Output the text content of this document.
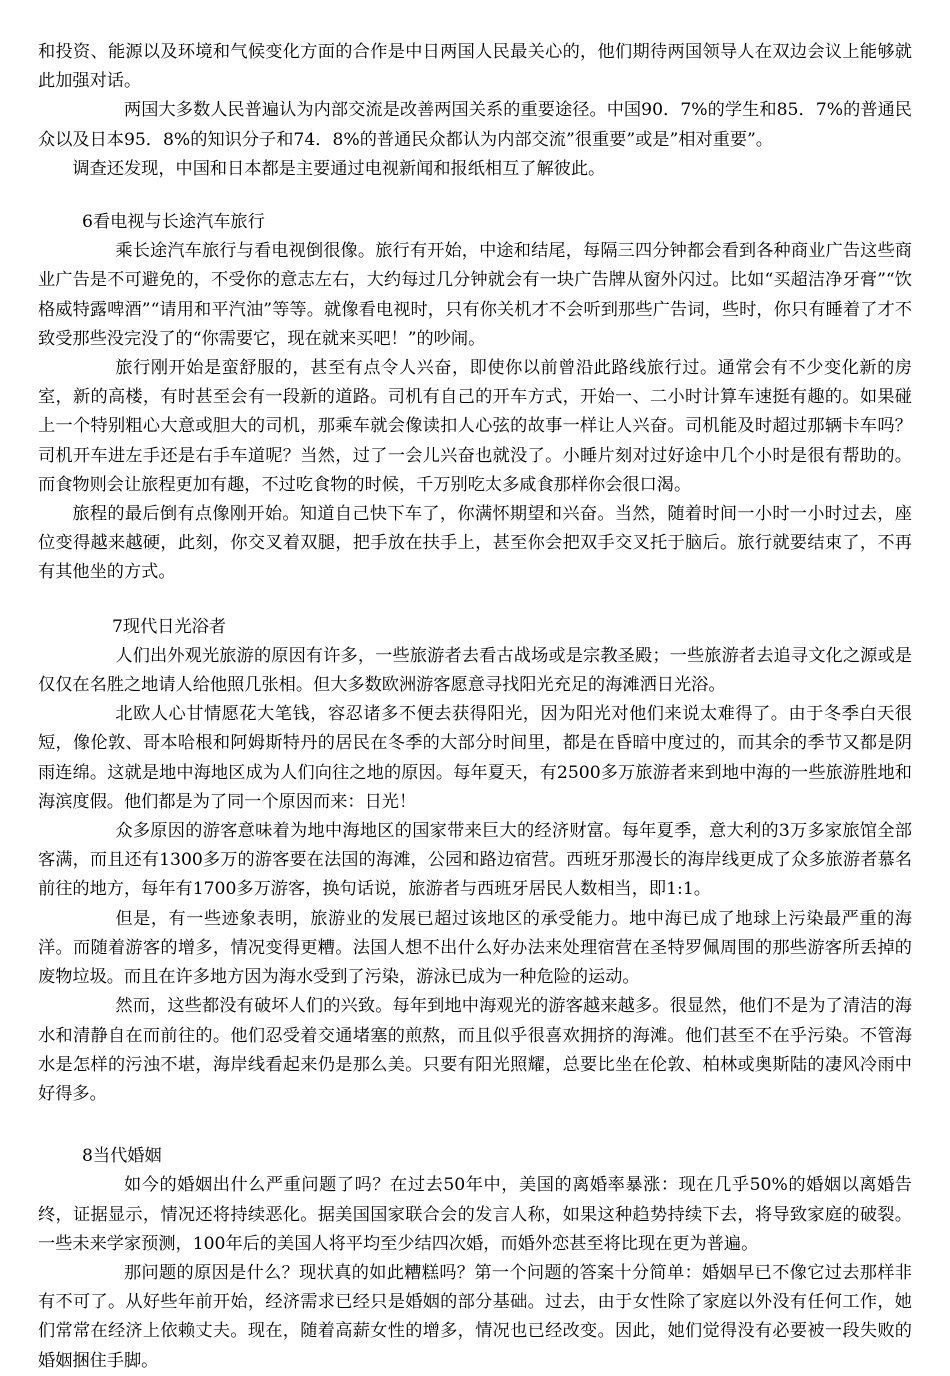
和投资、能源以及环境和气候变化方面的合作是中日两国人民最关心的，他们期待两国领导人在双边会议上能够就此加强对话。

两国大多数人民普遍认为内部交流是改善两国关系的重要途径。中国90．7%的学生和85．7%的普通民众以及日本95．8%的知识分子和74．8%的普通民众都认为内部交流”很重要”或是”相对重要”。

调查还发现，中国和日本都是主要通过电视新闻和报纸相互了解彼此。

6看电视与长途汽车旅行

乘长途汽车旅行与看电视倒很像。旅行有开始，中途和结尾，每隔三四分钟都会看到各种商业广告这些商业广告是不可避免的，不受你的意志左右，大约每过几分钟就会有一块广告牌从窗外闪过。比如“买超洁净牙膏”“饮格威特露啤酒”“请用和平汽油”等等。就像看电视时，只有你关机才不会听到那些广告词，些时，你只有睡着了才不致受那些没完没了的“你需要它，现在就来买吧！”的吵闹。

旅行刚开始是蛮舒服的，甚至有点令人兴奋，即使你以前曾沿此路线旅行过。通常会有不少变化新的房室，新的高楼，有时甚至会有一段新的道路。司机有自己的开车方式，开始一、二小时计算车速挺有趣的。如果碰上一个特别粗心大意或胆大的司机，那乘车就会像读扣人心弦的故事一样让人兴奋。司机能及时超过那辆卡车吗？司机开车进左手还是右手车道呢？当然，过了一会儿兴奋也就没了。小睡片刻对过好途中几个小时是很有帮助的。而食物则会让旅程更加有趣，不过吃食物的时候，千万别吃太多咸食那样你会很口渴。

旅程的最后倒有点像刚开始。知道自己快下车了，你满怀期望和兴奋。当然，随着时间一小时一小时过去，座位变得越来越硬，此刻，你交叉着双腿，把手放在扶手上，甚至你会把双手交叉托于脑后。旅行就要结束了，不再有其他坐的方式。

7现代日光浴者

人们出外观光旅游的原因有许多，一些旅游者去看古战场或是宗教圣殿；一些旅游者去追寻文化之源或是仅仅在名胜之地请人给他照几张相。但大多数欧洲游客愿意寻找阳光充足的海滩洒日光浴。

北欧人心甘情愿花大笔钱，容忍诸多不便去获得阳光，因为阳光对他们来说太难得了。由于冬季白天很短，像伦敦、哥本哈根和阿姆斯特丹的居民在冬季的大部分时间里，都是在昏暗中度过的，而其余的季节又都是阴雨连绵。这就是地中海地区成为人们向往之地的原因。每年夏天，有2500多万旅游者来到地中海的一些旅游胜地和海滨度假。他们都是为了同一个原因而来：日光！

众多原因的游客意味着为地中海地区的国家带来巨大的经济财富。每年夏季，意大利的3万多家旅馆全部客满，而且还有1300多万的游客要在法国的海滩，公园和路边宿营。西班牙那漫长的海岸线更成了众多旅游者慕名前往的地方，每年有1700多万游客，换句话说，旅游者与西班牙居民人数相当，即1:1。

但是，有一些迹象表明，旅游业的发展已超过该地区的承受能力。地中海已成了地球上污染最严重的海洋。而随着游客的增多，情况变得更糟。法国人想不出什么好办法来处理宿营在圣特罗佩周围的那些游客所丢掉的废物垃圾。而且在许多地方因为海水受到了污染，游泳已成为一种危险的运动。

然而，这些都没有破坏人们的兴致。每年到地中海观光的游客越来越多。很显然，他们不是为了清洁的海水和清静自在而前往的。他们忍受着交通堵塞的煎熬，而且似乎很喜欢拥挤的海滩。他们甚至不在乎污染。不管海水是怎样的污浊不堪，海岸线看起来仍是那么美。只要有阳光照耀，总要比坐在伦敦、柏林或奥斯陆的凄风冷雨中好得多。

8当代婚姻

如今的婚姻出什么严重问题了吗？在过去50年中，美国的离婚率暴涨：现在几乎50%的婚姻以离婚告终，证据显示，情况还将持续恶化。据美国国家联合会的发言人称，如果这种趋势持续下去，将导致家庭的破裂。一些未来学家预测，100年后的美国人将平均至少结四次婚，而婚外恋甚至将比现在更为普遍。

那问题的原因是什么？现状真的如此糟糕吗？第一个问题的答案十分简单：婚姻早已不像它过去那样非有不可了。从好些年前开始，经济需求已经只是婚姻的部分基础。过去，由于女性除了家庭以外没有任何工作，她们常常在经济上依赖丈夫。现在，随着高薪女性的增多，情况也已经改变。因此，她们觉得没有必要被一段失败的婚姻捆住手脚。
